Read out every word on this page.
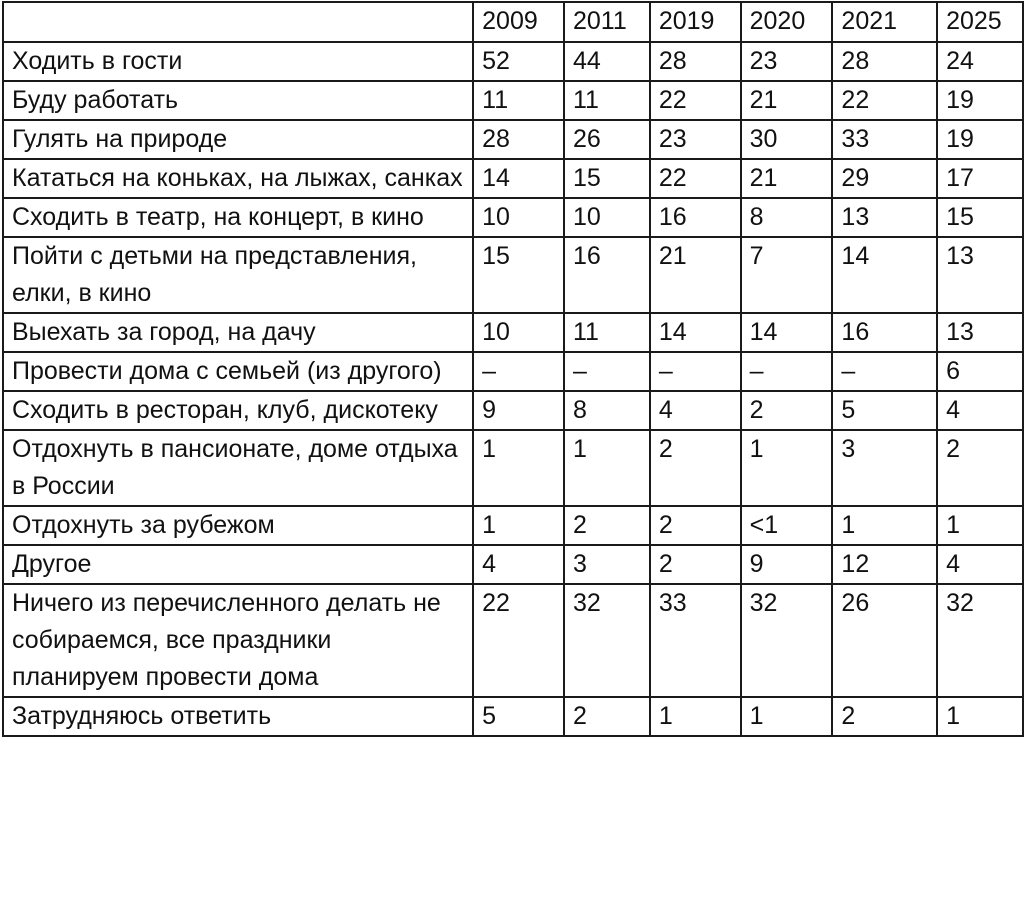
	2009	2011	2019	2020	2021	2025
Ходить в гости	52	44	28	23	28	24
Буду работать	11	11	22	21	22	19
Гулять на природе	28	26	23	30	33	19
Кататься на коньках, на лыжах, санках	14	15	22	21	29	17
Сходить в театр, на концерт, в кино	10	10	16	8	13	15
Пойти с детьми на представления, елки, в кино	15	16	21	7	14	13
Выехать за город, на дачу	10	11	14	14	16	13
Провести дома с семьей (из другого)	–	–	–	–	–	6
Сходить в ресторан, клуб, дискотеку	9	8	4	2	5	4
Отдохнуть в пансионате, доме отдыха в России	1	1	2	1	3	2
Отдохнуть за рубежом	1	2	2	<1	1	1
Другое	4	3	2	9	12	4
Ничего из перечисленного делать не собираемся, все праздники планируем провести дома	22	32	33	32	26	32
Затрудняюсь ответить	5	2	1	1	2	1
